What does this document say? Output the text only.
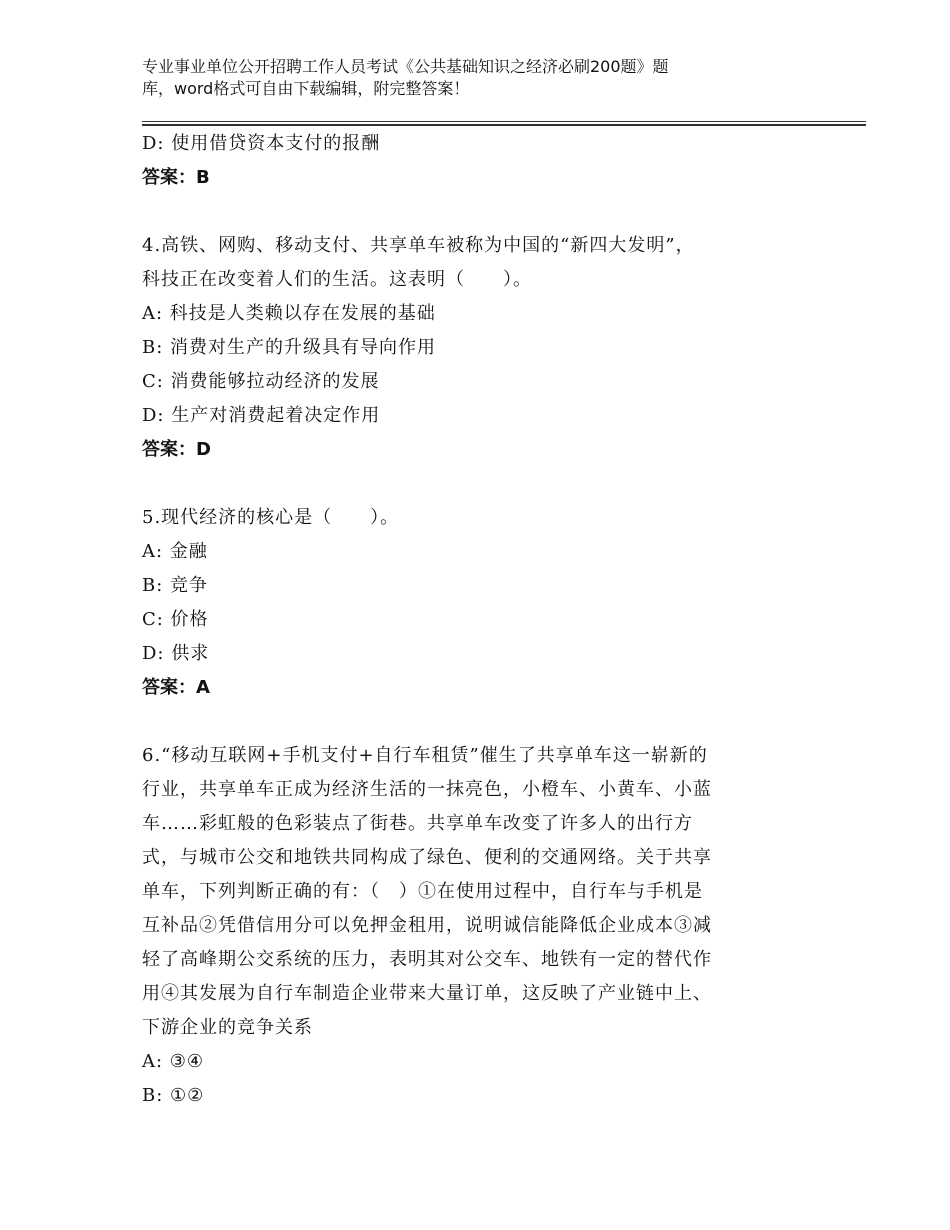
专业事业单位公开招聘工作人员考试《公共基础知识之经济必刷200题》题
库，word格式可自由下载编辑，附完整答案！
D: 使用借贷资本支付的报酬
答案：B
4.高铁、网购、移动支付、共享单车被称为中国的“新四大发明”，
科技正在改变着人们的生活。这表明（　　）。
A: 科技是人类赖以存在发展的基础
B: 消费对生产的升级具有导向作用
C: 消费能够拉动经济的发展
D: 生产对消费起着决定作用
答案：D
5.现代经济的核心是（　　）。
A: 金融
B: 竞争
C: 价格
D: 供求
答案：A
6.“移动互联网+手机支付+自行车租赁”催生了共享单车这一崭新的
行业，共享单车正成为经济生活的一抹亮色，小橙车、小黄车、小蓝
车……彩虹般的色彩装点了街巷。共享单车改变了许多人的出行方
式，与城市公交和地铁共同构成了绿色、便利的交通网络。关于共享
单车，下列判断正确的有：（　）①在使用过程中，自行车与手机是
互补品②凭借信用分可以免押金租用，说明诚信能降低企业成本③减
轻了高峰期公交系统的压力，表明其对公交车、地铁有一定的替代作
用④其发展为自行车制造企业带来大量订单，这反映了产业链中上、
下游企业的竞争关系
A: ③④
B: ①②
